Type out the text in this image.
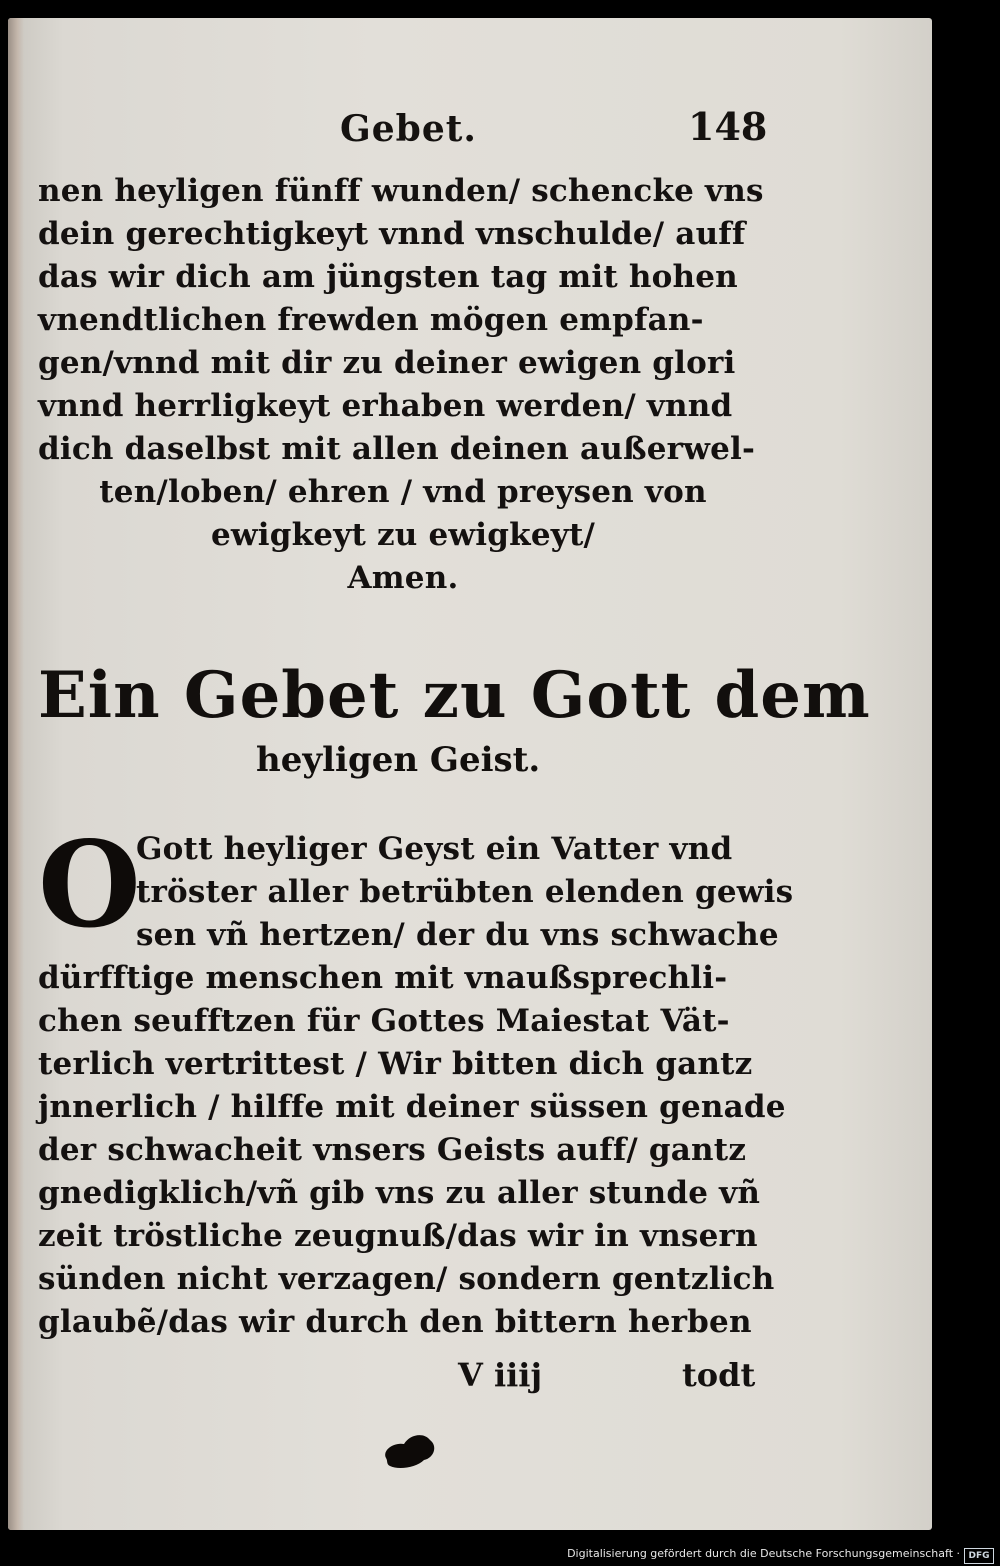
Gebet.	148
nen heyligen fünff wunden/ schencke vns
dein gerechtigkeyt vnnd vnschulde/ auff
das wir dich am jüngsten tag mit hohen
vnendtlichen frewden mögen empfan-
gen/vnnd mit dir zu deiner ewigen glori
vnnd herrligkeyt erhaben werden/ vnnd
dich daselbst mit allen deinen außerwel-
ten/loben/ ehren / vnd preysen von
ewigkeyt zu ewigkeyt/
Amen.
Ein Gebet zu Gott dem
heyligen Geist.
O
Gott heyliger Geyst ein Vatter vnd
tröster aller betrübten elenden gewis
sen vñ hertzen/ der du vns schwache
dürfftige menschen mit vnaußsprechli-
chen seufftzen für Gottes Maiestat Vät-
terlich vertrittest / Wir bitten dich gantz
jnnerlich / hilffe mit deiner süssen genade
der schwacheit vnsers Geists auff/ gantz
gnedigklich/vñ gib vns zu aller stunde vñ
zeit tröstliche zeugnuß/das wir in vnsern
sünden nicht verzagen/ sondern gentzlich
glaubẽ/das wir durch den bittern herben
V iiij	todt
Digitalisierung gefördert durch die Deutsche Forschungsgemeinschaft · DFG
